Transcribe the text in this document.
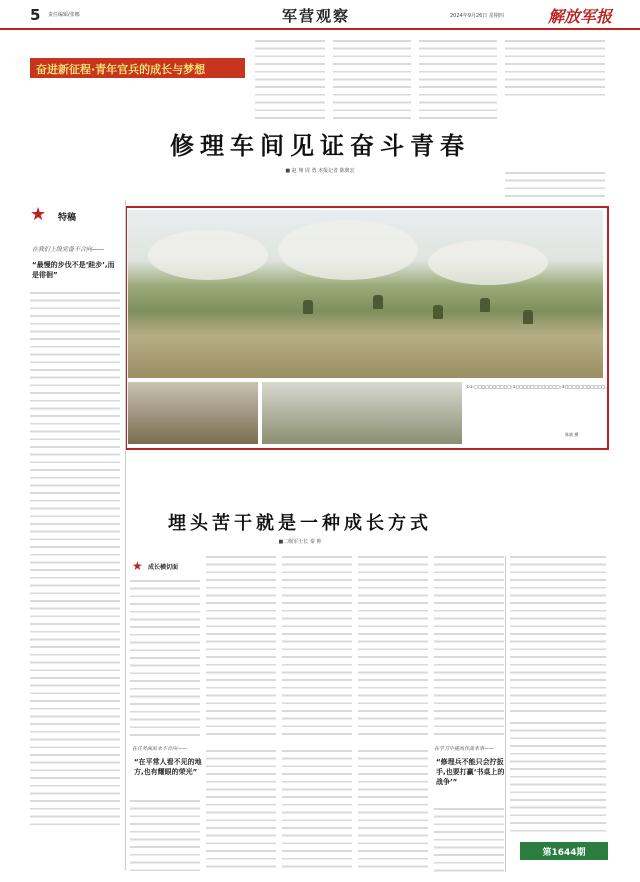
5 责任编辑/张娜	军营观察	2024年9月26日 星期四	解放军报
奋进新征程·青年官兵的成长与梦想
修理车间见证奋斗青春
■ 赵 翔 周 勇 本报记者 陈典宏
★ 特稿
在我们上级完备不合向——
“最慢的步伐不是‘跬步’,而是徘徊”
①①:□□□□□□□□□□;②□□□□□□□□□□□□;③□□□□□□□□□□□。
陈斌 摄
埋头苦干就是一种成长方式
■二级军士长 秦 帅
★ 成长横切面
在任务面前永不合向——
“在平常人看不见的地方,也有耀眼的荣光”
在学习中提高作战本事——
“修理兵不能只会拧扳手,也要打赢‘书桌上的战争’”
第1644期
